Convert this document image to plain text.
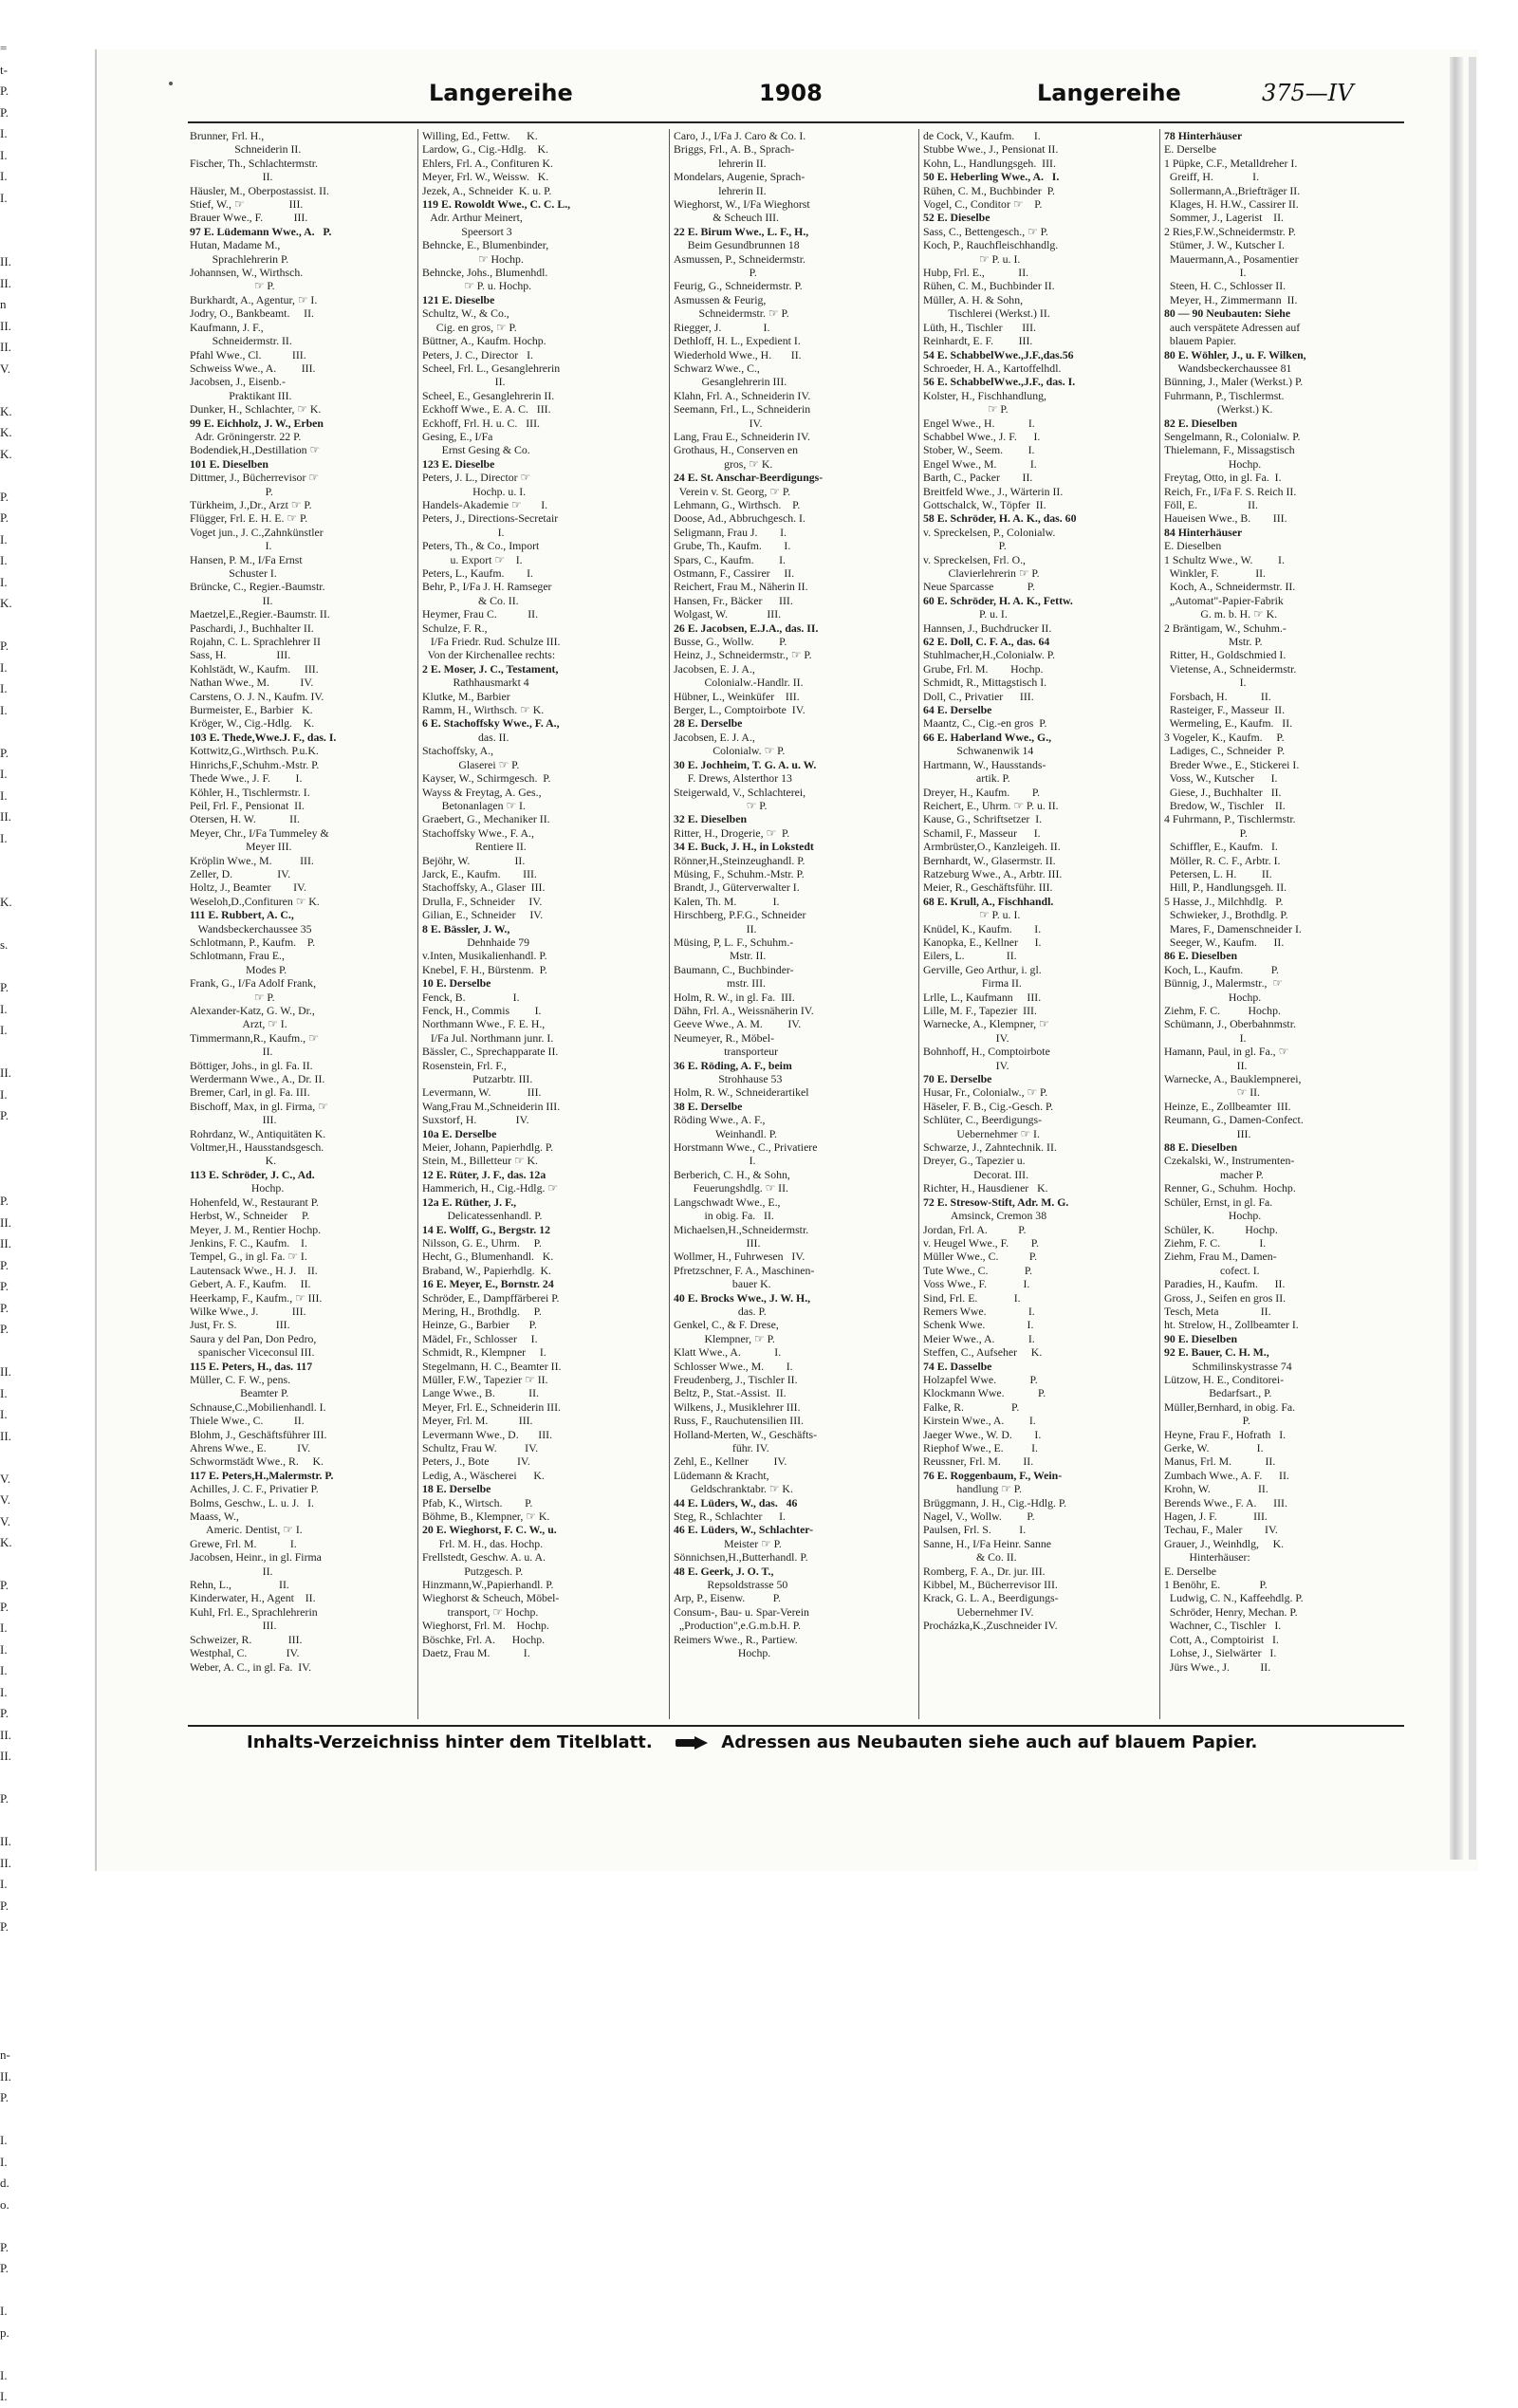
=
t-
P.
P.
I.
I.
I.
I.
II.
II.
n
II.
II.
V.
K.
K.
K.
P.
P.
I.
I.
I.
K.
P.
I.
I.
I.
P.
I.
I.
II.
I.
K.
s.
P.
I.
I.
II.
I.
P.
P.
II.
II.
P.
P.
P.
P.
II.
I.
I.
II.
V.
V.
V.
K.
P.
P.
I.
I.
I.
I.
P.
II.
II.
P.
II.
II.
I.
P.
P.
n-
II.
P.
I.
I.
d.
o.
P.
P.
I.
p.
I.
I.
Langereihe	1908	Langereihe	375—IV

Brunner, Frl. H.,

Schneiderin II.

Fischer, Th., Schlachtermstr.

II.

Häusler, M., Oberpostassist. II.

Stief, W., ☞                III.

Brauer Wwe., F.           III.

97 E. Lüdemann Wwe., A.   P.

Hutan, Madame M.,

Sprachlehrerin P.

Johannsen, W., Wirthsch.

☞ P.

Burkhardt, A., Agentur, ☞ I.

Jodry, O., Bankbeamt.     II.

Kaufmann, J. F.,

Schneidermstr. II.

Pfahl Wwe., Cl.           III.

Schweiss Wwe., A.         III.

Jacobsen, J., Eisenb.-

Praktikant III.

Dunker, H., Schlachter, ☞ K.

99 E. Eichholz, J. W., Erben

Adr. Gröningerstr. 22 P.

Bodendiek,H.,Destillation ☞

101 E. Dieselben

Dittmer, J., Bücherrevisor ☞

P.

Türkheim, J.,Dr., Arzt ☞ P.

Flügger, Frl. E. H. E. ☞ P.

Voget jun., J. C.,Zahnkünstler

I.

Hansen, P. M., I/Fa Ernst

Schuster I.

Brüncke, C., Regier.-Baumstr.

II.

Maetzel,E.,Regier.-Baumstr. II.

Paschardi, J., Buchhalter II.

Rojahn, C. L. Sprachlehrer II

Sass, H.                  III.

Kohlstädt, W., Kaufm.     III.

Nathan Wwe., M.           IV.

Carstens, O. J. N., Kaufm. IV.

Burmeister, E., Barbier   K.

Kröger, W., Cig.-Hdlg.    K.

103 E. Thede,Wwe.J. F., das. I.

Kottwitz,G.,Wirthsch. P.u.K.

Hinrichs,F.,Schuhm.-Mstr. P.

Thede Wwe., J. F.         I.

Köhler, H., Tischlermstr. I.

Peil, Frl. F., Pensionat  II.

Otersen, H. W.            II.

Meyer, Chr., I/Fa Tummeley &

Meyer III.

Kröplin Wwe., M.          III.

Zeller, D.                IV.

Holtz, J., Beamter        IV.

Weseloh,D.,Confituren ☞ K.

111 E. Rubbert, A. C.,

Wandsbeckerchaussee 35

Schlotmann, P., Kaufm.    P.

Schlotmann, Frau E.,

Modes P.

Frank, G., I/Fa Adolf Frank,

☞ P.

Alexander-Katz, G. W., Dr.,

Arzt, ☞ I.

Timmermann,R., Kaufm., ☞

II.

Böttiger, Johs., in gl. Fa. II.

Werdermann Wwe., A., Dr. II.

Bremer, Carl, in gl. Fa. III.

Bischoff, Max, in gl. Firma, ☞

III.

Rohrdanz, W., Antiquitäten K.

Voltmer,H., Hausstandsgesch.

K.

113 E. Schröder, J. C., Ad.

Hochp.

Hohenfeld, W., Restaurant P.

Herbst, W., Schneider     P.

Meyer, J. M., Rentier Hochp.

Jenkins, F. C., Kaufm.    I.

Tempel, G., in gl. Fa. ☞ I.

Lautensack Wwe., H. J.    II.

Gebert, A. F., Kaufm.     II.

Heerkamp, F., Kaufm., ☞ III.

Wilke Wwe., J.            III.

Just, Fr. S.              III.

Saura y del Pan, Don Pedro,

spanischer Viceconsul III.

115 E. Peters, H., das. 117

Müller, C. F. W., pens.

Beamter P.

Schnause,C.,Mobilienhandl. I.

Thiele Wwe., C.           II.

Blohm, J., Geschäftsführer III.

Ahrens Wwe., E.           IV.

Schwormstädt Wwe., R.     K.

117 E. Peters,H.,Malermstr. P.

Achilles, J. C. F., Privatier P.

Bolms, Geschw., L. u. J.   I.

Maass, W.,

Americ. Dentist, ☞ I.

Grewe, Frl. M.            I.

Jacobsen, Heinr., in gl. Firma

II.

Rehn, L.,                 II.

Kinderwater, H., Agent    II.

Kuhl, Frl. E., Sprachlehrerin

III.

Schweizer, R.             III.

Westphal, C.              IV.

Weber, A. C., in gl. Fa.  IV.

Willing, Ed., Fettw.      K.

Lardow, G., Cig.-Hdlg.    K.

Ehlers, Frl. A., Confituren K.

Meyer, Frl. W., Weissw.   K.

Jezek, A., Schneider  K. u. P.

119 E. Rowoldt Wwe., C. C. L.,

Adr. Arthur Meinert,

Speersort 3

Behncke, E., Blumenbinder,

☞ Hochp.

Behncke, Johs., Blumenhdl.

☞ P. u. Hochp.

121 E. Dieselbe

Schultz, W., & Co.,

Cig. en gros, ☞ P.

Büttner, A., Kaufm. Hochp.

Peters, J. C., Director   I.

Scheel, Frl. L., Gesanglehrerin

II.

Scheel, E., Gesanglehrerin II.

Eckhoff Wwe., E. A. C.   III.

Eckhoff, Frl. H. u. C.   III.

Gesing, E., I/Fa

Ernst Gesing & Co.

123 E. Dieselbe

Peters, J. L., Director ☞

Hochp. u. I.

Handels-Akademie ☞       I.

Peters, J., Directions-Secretair

I.

Peters, Th., & Co., Import

u. Export ☞    I.

Peters, L., Kaufm.        I.

Behr, P., I/Fa J. H. Ramseger

& Co. II.

Heymer, Frau C.           II.

Schulze, F. R.,

I/Fa Friedr. Rud. Schulze III.

Von der Kirchenallee rechts:

2 E. Moser, J. C., Testament,

Rathhausmarkt 4

Klutke, M., Barbier

Ramm, H., Wirthsch. ☞ K.

6 E. Stachoffsky Wwe., F. A.,

das. II.

Stachoffsky, A.,

Glaserei ☞ P.

Kayser, W., Schirmgesch.  P.

Wayss & Freytag, A. Ges.,

Betonanlagen ☞ I.

Graebert, G., Mechaniker II.

Stachoffsky Wwe., F. A.,

Rentiere II.

Bejöhr, W.                II.

Jarck, E., Kaufm.        III.

Stachoffsky, A., Glaser  III.

Drulla, F., Schneider     IV.

Gilian, E., Schneider     IV.

8 E. Bässler, J. W.,

Dehnhaide 79

v.Inten, Musikalienhandl. P.

Knebel, F. H., Bürstenm.  P.

10 E. Derselbe

Fenck, B.                 I.

Fenck, H., Commis         I.

Northmann Wwe., F. E. H.,

I/Fa Jul. Northmann junr. I.

Bässler, C., Sprechapparate II.

Rosenstein, Frl. F.,

Putzarbtr. III.

Levermann, W.             III.

Wang,Frau M.,Schneiderin III.

Suxstorf, H.              IV.

10a E. Derselbe

Meier, Johann, Papierhdlg. P.

Stein, M., Billetteur ☞ K.

12 E. Rüter, J. F., das. 12a

Hammerich, H., Cig.-Hdlg. ☞

12a E. Rüther, J. F.,

Delicatessenhandl. P.

14 E. Wolff, G., Bergstr. 12

Nilsson, G. E., Uhrm.     P.

Hecht, G., Blumenhandl.   K.

Braband, W., Papierhdlg.  K.

16 E. Meyer, E., Bornstr. 24

Schröder, E., Dampffärberei P.

Mering, H., Brothdlg.     P.

Heinze, G., Barbier       P.

Mädel, Fr., Schlosser     I.

Schmidt, R., Klempner     I.

Stegelmann, H. C., Beamter II.

Müller, F.W., Tapezier ☞ II.

Lange Wwe., B.            II.

Meyer, Frl. E., Schneiderin III.

Meyer, Frl. M.           III.

Levermann Wwe., D.       III.

Schultz, Frau W.          IV.

Peters, J., Bote          IV.

Ledig, A., Wäscherei      K.

18 E. Derselbe

Pfab, K., Wirtsch.        P.

Böhme, B., Klempner, ☞ K.

20 E. Wieghorst, F. C. W., u.

Frl. M. H., das. Hochp.

Frellstedt, Geschw. A. u. A.

Putzgesch. P.

Hinzmann,W.,Papierhandl. P.

Wieghorst & Scheuch, Möbel-

transport, ☞ Hochp.

Wieghorst, Frl. M.    Hochp.

Böschke, Frl. A.      Hochp.

Daetz, Frau M.            I.

Caro, J., I/Fa J. Caro & Co. I.

Briggs, Frl., A. B., Sprach-

lehrerin II.

Mondelars, Augenie, Sprach-

lehrerin II.

Wieghorst, W., I/Fa Wieghorst

& Scheuch III.

22 E. Birum Wwe., L. F., H.,

Beim Gesundbrunnen 18

Asmussen, P., Schneidermstr.

P.

Feurig, G., Schneidermstr. P.

Asmussen & Feurig,

Schneidermstr. ☞ P.

Riegger, J.               I.

Dethloff, H. L., Expedient I.

Wiederhold Wwe., H.       II.

Schwarz Wwe., C.,

Gesanglehrerin III.

Klahn, Frl. A., Schneiderin IV.

Seemann, Frl., L., Schneiderin

IV.

Lang, Frau E., Schneiderin IV.

Grothaus, H., Conserven en

gros, ☞ K.

24 E. St. Anschar-Beerdigungs-

Verein v. St. Georg, ☞ P.

Lehmann, G., Wirthsch.    P.

Doose, Ad., Abbruchgesch. I.

Seligmann, Frau J.        I.

Grube, Th., Kaufm.        I.

Spars, C., Kaufm.         I.

Ostmann, F., Cassirer     II.

Reichert, Frau M., Näherin II.

Hansen, Fr., Bäcker      III.

Wolgast, W.              III.

26 E. Jacobsen, E.J.A., das. II.

Busse, G., Wollw.         P.

Heinz, J., Schneidermstr., ☞ P.

Jacobsen, E. J. A.,

Colonialw.-Handlr. II.

Hübner, L., Weinküfer    III.

Berger, L., Comptoirbote  IV.

28 E. Derselbe

Jacobsen, E. J. A.,

Colonialw. ☞ P.

30 E. Jochheim, T. G. A. u. W.

F. Drews, Alsterthor 13

Steigerwald, V., Schlachterei,

☞ P.

32 E. Dieselben

Ritter, H., Drogerie, ☞  P.

34 E. Buck, J. H., in Lokstedt

Rönner,H.,Steinzeughandl. P.

Müsing, F., Schuhm.-Mstr. P.

Brandt, J., Güterverwalter I.

Kalen, Th. M.             I.

Hirschberg, P.F.G., Schneider

II.

Müsing, P, L. F., Schuhm.-

Mstr. II.

Baumann, C., Buchbinder-

mstr. III.

Holm, R. W., in gl. Fa.  III.

Dähn, Frl. A., Weissnäherin IV.

Geeve Wwe., A. M.         IV.

Neumeyer, R., Möbel-

transporteur

36 E. Röding, A. F., beim

Strohhause 53

Holm, R. W., Schneiderartikel

38 E. Derselbe

Röding Wwe., A. F.,

Weinhandl. P.

Horstmann Wwe., C., Privatiere

I.

Berberich, C. H., & Sohn,

Feuerungshdlg. ☞ II.

Langschwadt Wwe., E.,

in obig. Fa.   II.

Michaelsen,H.,Schneidermstr.

III.

Wollmer, H., Fuhrwesen   IV.

Pfretzschner, F. A., Maschinen-

bauer K.

40 E. Brocks Wwe., J. W. H.,

das. P.

Genkel, C., & F. Drese,

Klempner, ☞ P.

Klatt Wwe., A.            I.

Schlosser Wwe., M.        I.

Freudenberg, J., Tischler II.

Beltz, P., Stat.-Assist.  II.

Wilkens, J., Musiklehrer III.

Russ, F., Rauchutensilien III.

Holland-Merten, W., Geschäfts-

führ. IV.

Zehl, E., Kellner         IV.

Lüdemann & Kracht,

Geldschranktabr. ☞ K.

44 E. Lüders, W., das.   46

Steg, R., Schlachter      I.

46 E. Lüders, W., Schlachter-

Meister ☞ P.

Sönnichsen,H.,Butterhandl. P.

48 E. Geerk, J. O. T.,

Repsoldstrasse 50

Arp, P., Eisenw.          P.

Consum-, Bau- u. Spar-Verein

„Production",e.G.m.b.H. P.

Reimers Wwe., R., Partiew.

Hochp.

de Cock, V., Kaufm.       I.

Stubbe Wwe., J., Pensionat II.

Kohn, L., Handlungsgeh.  III.

50 E. Heberling Wwe., A.   I.

Rühen, C. M., Buchbinder  P.

Vogel, C., Conditor ☞    P.

52 E. Dieselbe

Sass, C., Bettengesch., ☞ P.

Koch, P., Rauchfleischhandlg.

☞ P. u. I.

Hubp, Frl. E.,            II.

Rühen, C. M., Buchbinder II.

Müller, A. H. & Sohn,

Tischlerei (Werkst.) II.

Lüth, H., Tischler       III.

Reinhardt, E. F.         III.

54 E. SchabbelWwe.,J.F.,das.56

Schroeder, H. A., Kartoffelhdl.

56 E. SchabbelWwe.,J.F., das. I.

Kolster, H., Fischhandlung,

☞ P.

Engel Wwe., H.            I.

Schabbel Wwe., J. F.      I.

Stober, W., Seem.         I.

Engel Wwe., M.            I.

Barth, C., Packer        II.

Breitfeld Wwe., J., Wärterin II.

Gottschalck, W., Töpfer  II.

58 E. Schröder, H. A. K., das. 60

v. Spreckelsen, P., Colonialw.

P.

v. Spreckelsen, Frl. O.,

Clavierlehrerin ☞ P.

Neue Sparcasse            P.

60 E. Schröder, H. A. K., Fettw.

P. u. I.

Hannsen, J., Buchdrucker II.

62 E. Doll, C. F. A., das. 64

Stuhlmacher,H.,Colonialw. P.

Grube, Frl. M.        Hochp.

Schmidt, R., Mittagstisch I.

Doll, C., Privatier      III.

64 E. Derselbe

Maantz, C., Cig.-en gros  P.

66 E. Haberland Wwe., G.,

Schwanenwik 14

Hartmann, W., Hausstands-

artik. P.

Dreyer, H., Kaufm.        P.

Reichert, E., Uhrm. ☞ P. u. II.

Kause, G., Schriftsetzer  I.

Schamil, F., Masseur      I.

Armbrüster,O., Kanzleigeh. II.

Bernhardt, W., Glasermstr. II.

Ratzeburg Wwe., A., Arbtr. III.

Meier, R., Geschäftsführ. III.

68 E. Krull, A., Fischhandl.

☞ P. u. I.

Knüdel, K., Kaufm.        I.

Kanopka, E., Kellner      I.

Eilers, L.               II.

Gerville, Geo Arthur, i. gl.

Firma II.

Lrlle, L., Kaufmann     III.

Lille, M. F., Tapezier  III.

Warnecke, A., Klempner, ☞

IV.

Bohnhoff, H., Comptoirbote

IV.

70 E. Derselbe

Husar, Fr., Colonialw., ☞ P.

Häseler, F. B., Cig.-Gesch. P.

Schlüter, C., Beerdigungs-

Uebernehmer ☞ I.

Schwarze, J., Zahntechnik. II.

Dreyer, G., Tapezier u.

Decorat. III.

Richter, H., Hausdiener   K.

72 E. Stresow-Stift, Adr. M. G.

Amsinck, Cremon 38

Jordan, Frl. A.           P.

v. Heugel Wwe., F.        P.

Müller Wwe., C.           P.

Tute Wwe., C.             P.

Voss Wwe., F.             I.

Sind, Frl. E.             I.

Remers Wwe.               I.

Schenk Wwe.               I.

Meier Wwe., A.            I.

Steffen, C., Aufseher     K.

74 E. Dasselbe

Holzapfel Wwe.            P.

Klockmann Wwe.            P.

Falke, R.                 P.

Kirstein Wwe., A.         I.

Jaeger Wwe., W. D.        I.

Riephof Wwe., E.          I.

Reussner, Frl. M.        II.

76 E. Roggenbaum, F., Wein-

handlung ☞ P.

Brüggmann, J. H., Cig.-Hdlg. P.

Nagel, V., Wollw.         P.

Paulsen, Frl. S.          I.

Sanne, H., I/Fa Heinr. Sanne

& Co. II.

Romberg, F. A., Dr. jur. III.

Kibbel, M., Bücherrevisor III.

Krack, G. L. A., Beerdigungs-

Uebernehmer IV.

Procházka,K.,Zuschneider IV.

78 Hinterhäuser

E. Derselbe

1 Püpke, C.F., Metalldreher I.

Greiff, H.              I.

Sollermann,A.,Briefträger II.

Klages, H. H.W., Cassirer II.

Sommer, J., Lagerist    II.

2 Ries,F.W.,Schneidermstr. P.

Stümer, J. W., Kutscher I.

Mauermann,A., Posamentier

I.

Steen, H. C., Schlosser II.

Meyer, H., Zimmermann  II.

80 — 90 Neubauten: Siehe

auch verspätete Adressen auf

blauem Papier.

80 E. Wöhler, J., u. F. Wilken,

Wandsbeckerchaussee 81

Bünning, J., Maler (Werkst.) P.

Fuhrmann, P., Tischlermst.

(Werkst.) K.

82 E. Dieselben

Sengelmann, R., Colonialw. P.

Thielemann, F., Missagstisch

Hochp.

Freytag, Otto, in gl. Fa.  I.

Reich, Fr., I/Fa F. S. Reich II.

Föll, E.                  II.

Haueisen Wwe., B.        III.

84 Hinterhäuser

E. Dieselben

1 Schultz Wwe., W.         I.

Winkler, F.             II.

Koch, A., Schneidermstr. II.

„Automat"-Papier-Fabrik

G. m. b. H. ☞ K.

2 Bräntigam, W., Schuhm.-

Mstr. P.

Ritter, H., Goldschmied I.

Vietense, A., Schneidermstr.

I.

Forsbach, H.            II.

Rasteiger, F., Masseur  II.

Wermeling, E., Kaufm.   II.

3 Vogeler, K., Kaufm.     P.

Ladiges, C., Schneider  P.

Breder Wwe., E., Stickerei I.

Voss, W., Kutscher      I.

Giese, J., Buchhalter   II.

Bredow, W., Tischler    II.

4 Fuhrmann, P., Tischlermstr.

P.

Schiffler, E., Kaufm.   I.

Möller, R. C. F., Arbtr. I.

Petersen, L. H.         II.

Hill, P., Handlungsgeh. II.

5 Hasse, J., Milchhdlg.   P.

Schwieker, J., Brothdlg. P.

Mares, F., Damenschneider I.

Seeger, W., Kaufm.      II.

86 E. Dieselben

Koch, L., Kaufm.          P.

Bünnig, J., Malermstr.,  ☞

Hochp.

Ziehm, F. C.          Hochp.

Schümann, J., Oberbahnmstr.

I.

Hamann, Paul, in gl. Fa., ☞

II.

Warnecke, A., Bauklempnerei,

☞ II.

Heinze, E., Zollbeamter  III.

Reumann, G., Damen-Confect.

III.

88 E. Dieselben

Czekalski, W., Instrumenten-

macher P.

Renner, G., Schuhm.  Hochp.

Schüler, Ernst, in gl. Fa.

Hochp.

Schüler, K.           Hochp.

Ziehm, F. C.              I.

Ziehm, Frau M., Damen-

cofect. I.

Paradies, H., Kaufm.      II.

Gross, J., Seifen en gros II.

Tesch, Meta               II.

ht. Strelow, H., Zollbeamter I.

90 E. Dieselben

92 E. Bauer, C. H. M.,

Schmilinskystrasse 74

Lützow, H. E., Conditorei-

Bedarfsart., P.

Müller,Bernhard, in obig. Fa.

P.

Heyne, Frau F., Hofrath   I.

Gerke, W.                 I.

Manus, Frl. M.            II.

Zumbach Wwe., A. F.      II.

Krohn, W.                 II.

Berends Wwe., F. A.      III.

Hagen, J. F.             III.

Techau, F., Maler        IV.

Grauer, J., Weinhdlg,     K.

Hinterhäuser:

E. Derselbe

1 Benöhr, E.              P.

Ludwig, C. N., Kaffeehdlg. P.

Schröder, Henry, Mechan. P.

Wachner, C., Tischler   I.

Cott, A., Comptoirist   I.

Lohse, J., Sielwärter   I.

Jürs Wwe., J.           II.

Inhalts-Verzeichniss hinter dem Titelblatt.	Adressen aus Neubauten siehe auch auf blauem Papier.
